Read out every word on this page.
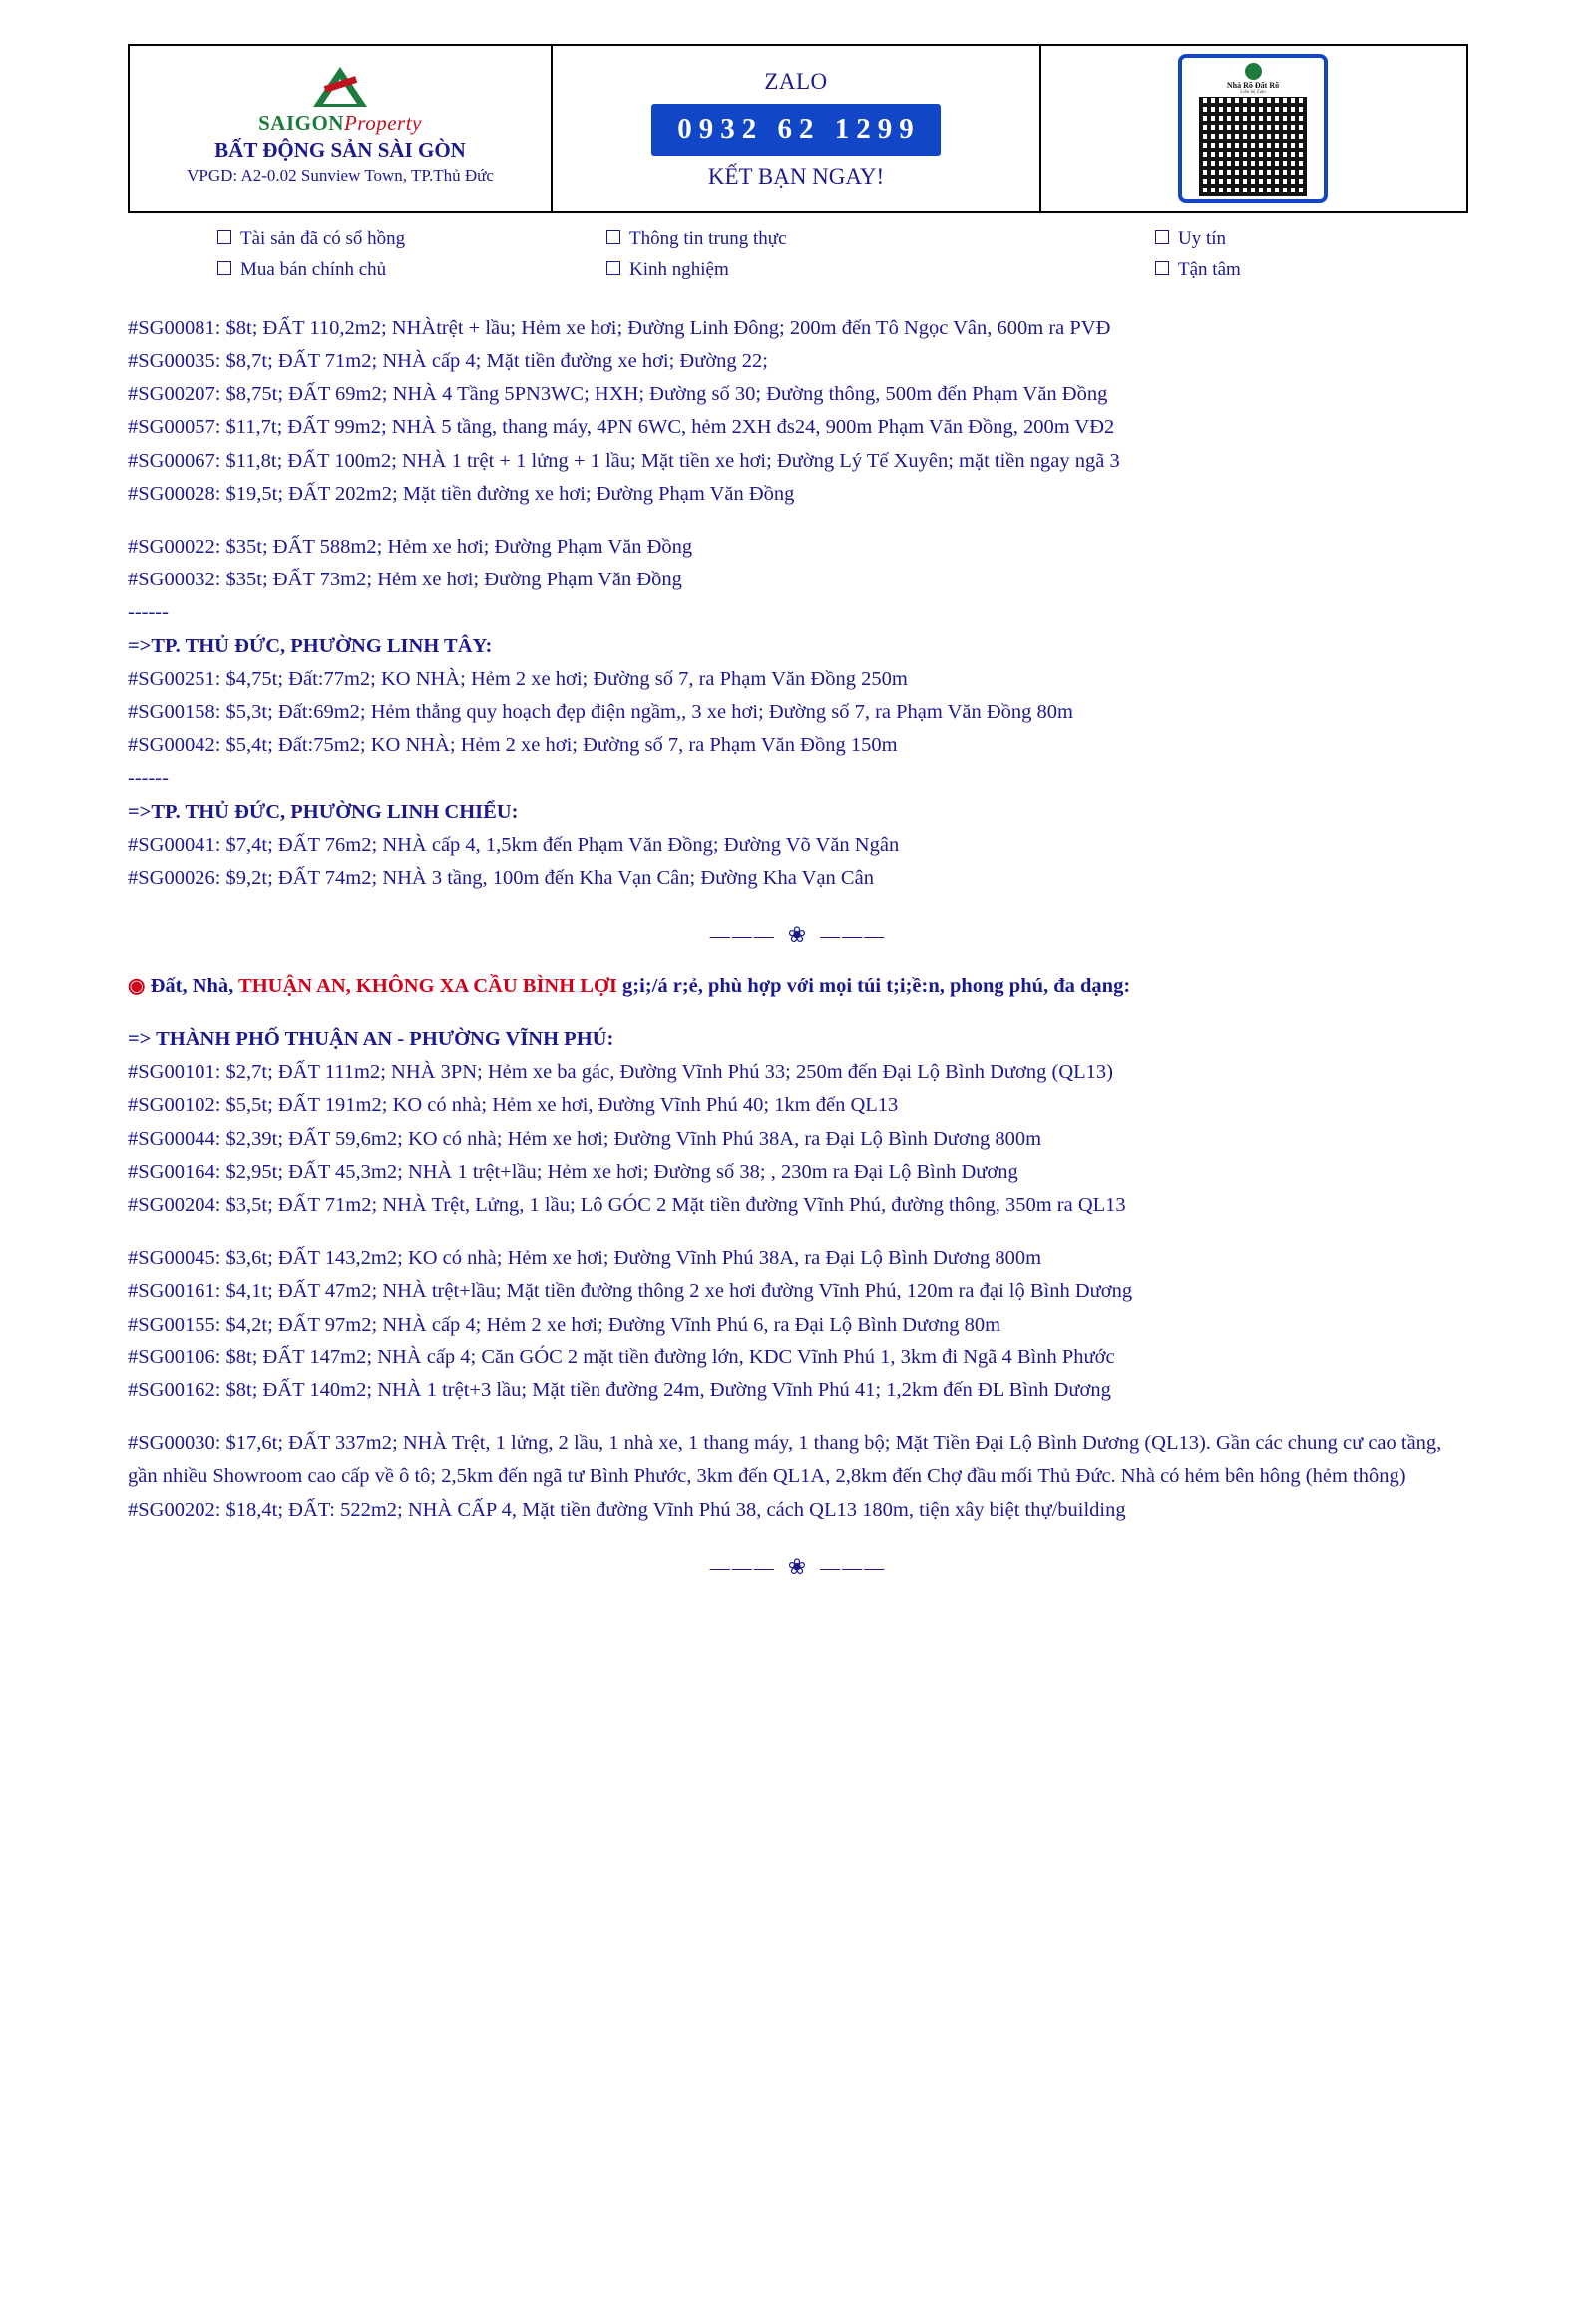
SAIGONProperty
BẤT ĐỘNG SẢN SÀI GÒN
VPGD: A2-0.02 Sunview Town, TP.Thủ Đức
ZALO
0932 62 1299
KẾT BẠN NGAY!
Nhà Rõ Đất Rõ
Liên hệ Zalo
Tài sản đã có sổ hồng
Mua bán chính chủ
Thông tin trung thực
Kinh nghiệm
Uy tín
Tận tâm

#SG00081: $8t; ĐẤT 110,2m2; NHÀtrệt + lầu; Hẻm xe hơi; Đường Linh Đông; 200m đến Tô Ngọc Vân, 600m ra PVĐ

#SG00035: $8,7t; ĐẤT 71m2; NHÀ cấp 4; Mặt tiền đường xe hơi; Đường 22;

#SG00207: $8,75t; ĐẤT 69m2; NHÀ 4 Tầng 5PN3WC; HXH; Đường số 30; Đường thông, 500m đến Phạm Văn Đồng

#SG00057: $11,7t; ĐẤT 99m2; NHÀ 5 tầng, thang máy, 4PN 6WC, hẻm 2XH đs24, 900m Phạm Văn Đồng, 200m VĐ2

#SG00067: $11,8t; ĐẤT 100m2; NHÀ 1 trệt + 1 lửng + 1 lầu; Mặt tiền xe hơi; Đường Lý Tế Xuyên; mặt tiền ngay ngã 3

#SG00028: $19,5t; ĐẤT 202m2; Mặt tiền đường xe hơi; Đường Phạm Văn Đồng

#SG00022: $35t; ĐẤT 588m2; Hẻm xe hơi; Đường Phạm Văn Đồng

#SG00032: $35t; ĐẤT 73m2; Hẻm xe hơi; Đường Phạm Văn Đồng

------

=>TP. THỦ ĐỨC, PHƯỜNG LINH TÂY:

#SG00251: $4,75t; Đất:77m2; KO NHÀ; Hẻm 2 xe hơi; Đường số 7, ra Phạm Văn Đồng 250m

#SG00158: $5,3t; Đất:69m2; Hẻm thẳng quy hoạch đẹp điện ngầm,, 3 xe hơi; Đường số 7, ra Phạm Văn Đồng 80m

#SG00042: $5,4t; Đất:75m2; KO NHÀ; Hẻm 2 xe hơi; Đường số 7, ra Phạm Văn Đồng 150m

------

=>TP. THỦ ĐỨC, PHƯỜNG LINH CHIỂU:

#SG00041: $7,4t; ĐẤT 76m2; NHÀ cấp 4, 1,5km đến Phạm Văn Đồng; Đường Võ Văn Ngân

#SG00026: $9,2t; ĐẤT 74m2; NHÀ 3 tầng, 100m đến Kha Vạn Cân; Đường Kha Vạn Cân

——— ❀ ———

◉ Đất, Nhà, THUẬN AN, KHÔNG XA CẦU BÌNH LỢI g;i;/á r;ẻ, phù hợp với mọi túi t;i;ề:n, phong phú, đa dạng:

=> THÀNH PHỐ THUẬN AN - PHƯỜNG VĨNH PHÚ:

#SG00101: $2,7t; ĐẤT 111m2; NHÀ 3PN; Hẻm xe ba gác, Đường Vĩnh Phú 33; 250m đến Đại Lộ Bình Dương (QL13)

#SG00102: $5,5t; ĐẤT 191m2; KO có nhà; Hẻm xe hơi, Đường Vĩnh Phú 40; 1km đến QL13

#SG00044: $2,39t; ĐẤT 59,6m2; KO có nhà; Hẻm xe hơi; Đường Vĩnh Phú 38A, ra Đại Lộ Bình Dương 800m

#SG00164: $2,95t; ĐẤT 45,3m2; NHÀ 1 trệt+lầu; Hẻm xe hơi; Đường số 38; , 230m ra Đại Lộ Bình Dương

#SG00204: $3,5t; ĐẤT 71m2; NHÀ Trệt, Lửng, 1 lầu; Lô GÓC 2 Mặt tiền đường Vĩnh Phú, đường thông, 350m ra QL13

#SG00045: $3,6t; ĐẤT 143,2m2; KO có nhà; Hẻm xe hơi; Đường Vĩnh Phú 38A, ra Đại Lộ Bình Dương 800m

#SG00161: $4,1t; ĐẤT 47m2; NHÀ trệt+lầu; Mặt tiền đường thông 2 xe hơi đường Vĩnh Phú, 120m ra đại lộ Bình Dương

#SG00155: $4,2t; ĐẤT 97m2; NHÀ cấp 4; Hẻm 2 xe hơi; Đường Vĩnh Phú 6, ra Đại Lộ Bình Dương 80m

#SG00106: $8t; ĐẤT 147m2; NHÀ cấp 4; Căn GÓC 2 mặt tiền đường lớn, KDC Vĩnh Phú 1, 3km đi Ngã 4 Bình Phước

#SG00162: $8t; ĐẤT 140m2; NHÀ 1 trệt+3 lầu; Mặt tiền đường 24m, Đường Vĩnh Phú 41; 1,2km đến ĐL Bình Dương

#SG00030: $17,6t; ĐẤT 337m2; NHÀ Trệt, 1 lửng, 2 lầu, 1 nhà xe, 1 thang máy, 1 thang bộ; Mặt Tiền Đại Lộ Bình Dương (QL13). Gần các chung cư cao tầng, gần nhiều Showroom cao cấp về ô tô; 2,5km đến ngã tư Bình Phước, 3km đến QL1A, 2,8km đến Chợ đầu mối Thủ Đức. Nhà có hẻm bên hông (hẻm thông)

#SG00202: $18,4t; ĐẤT: 522m2; NHÀ CẤP 4, Mặt tiền đường Vĩnh Phú 38, cách QL13 180m, tiện xây biệt thự/building

——— ❀ ———
